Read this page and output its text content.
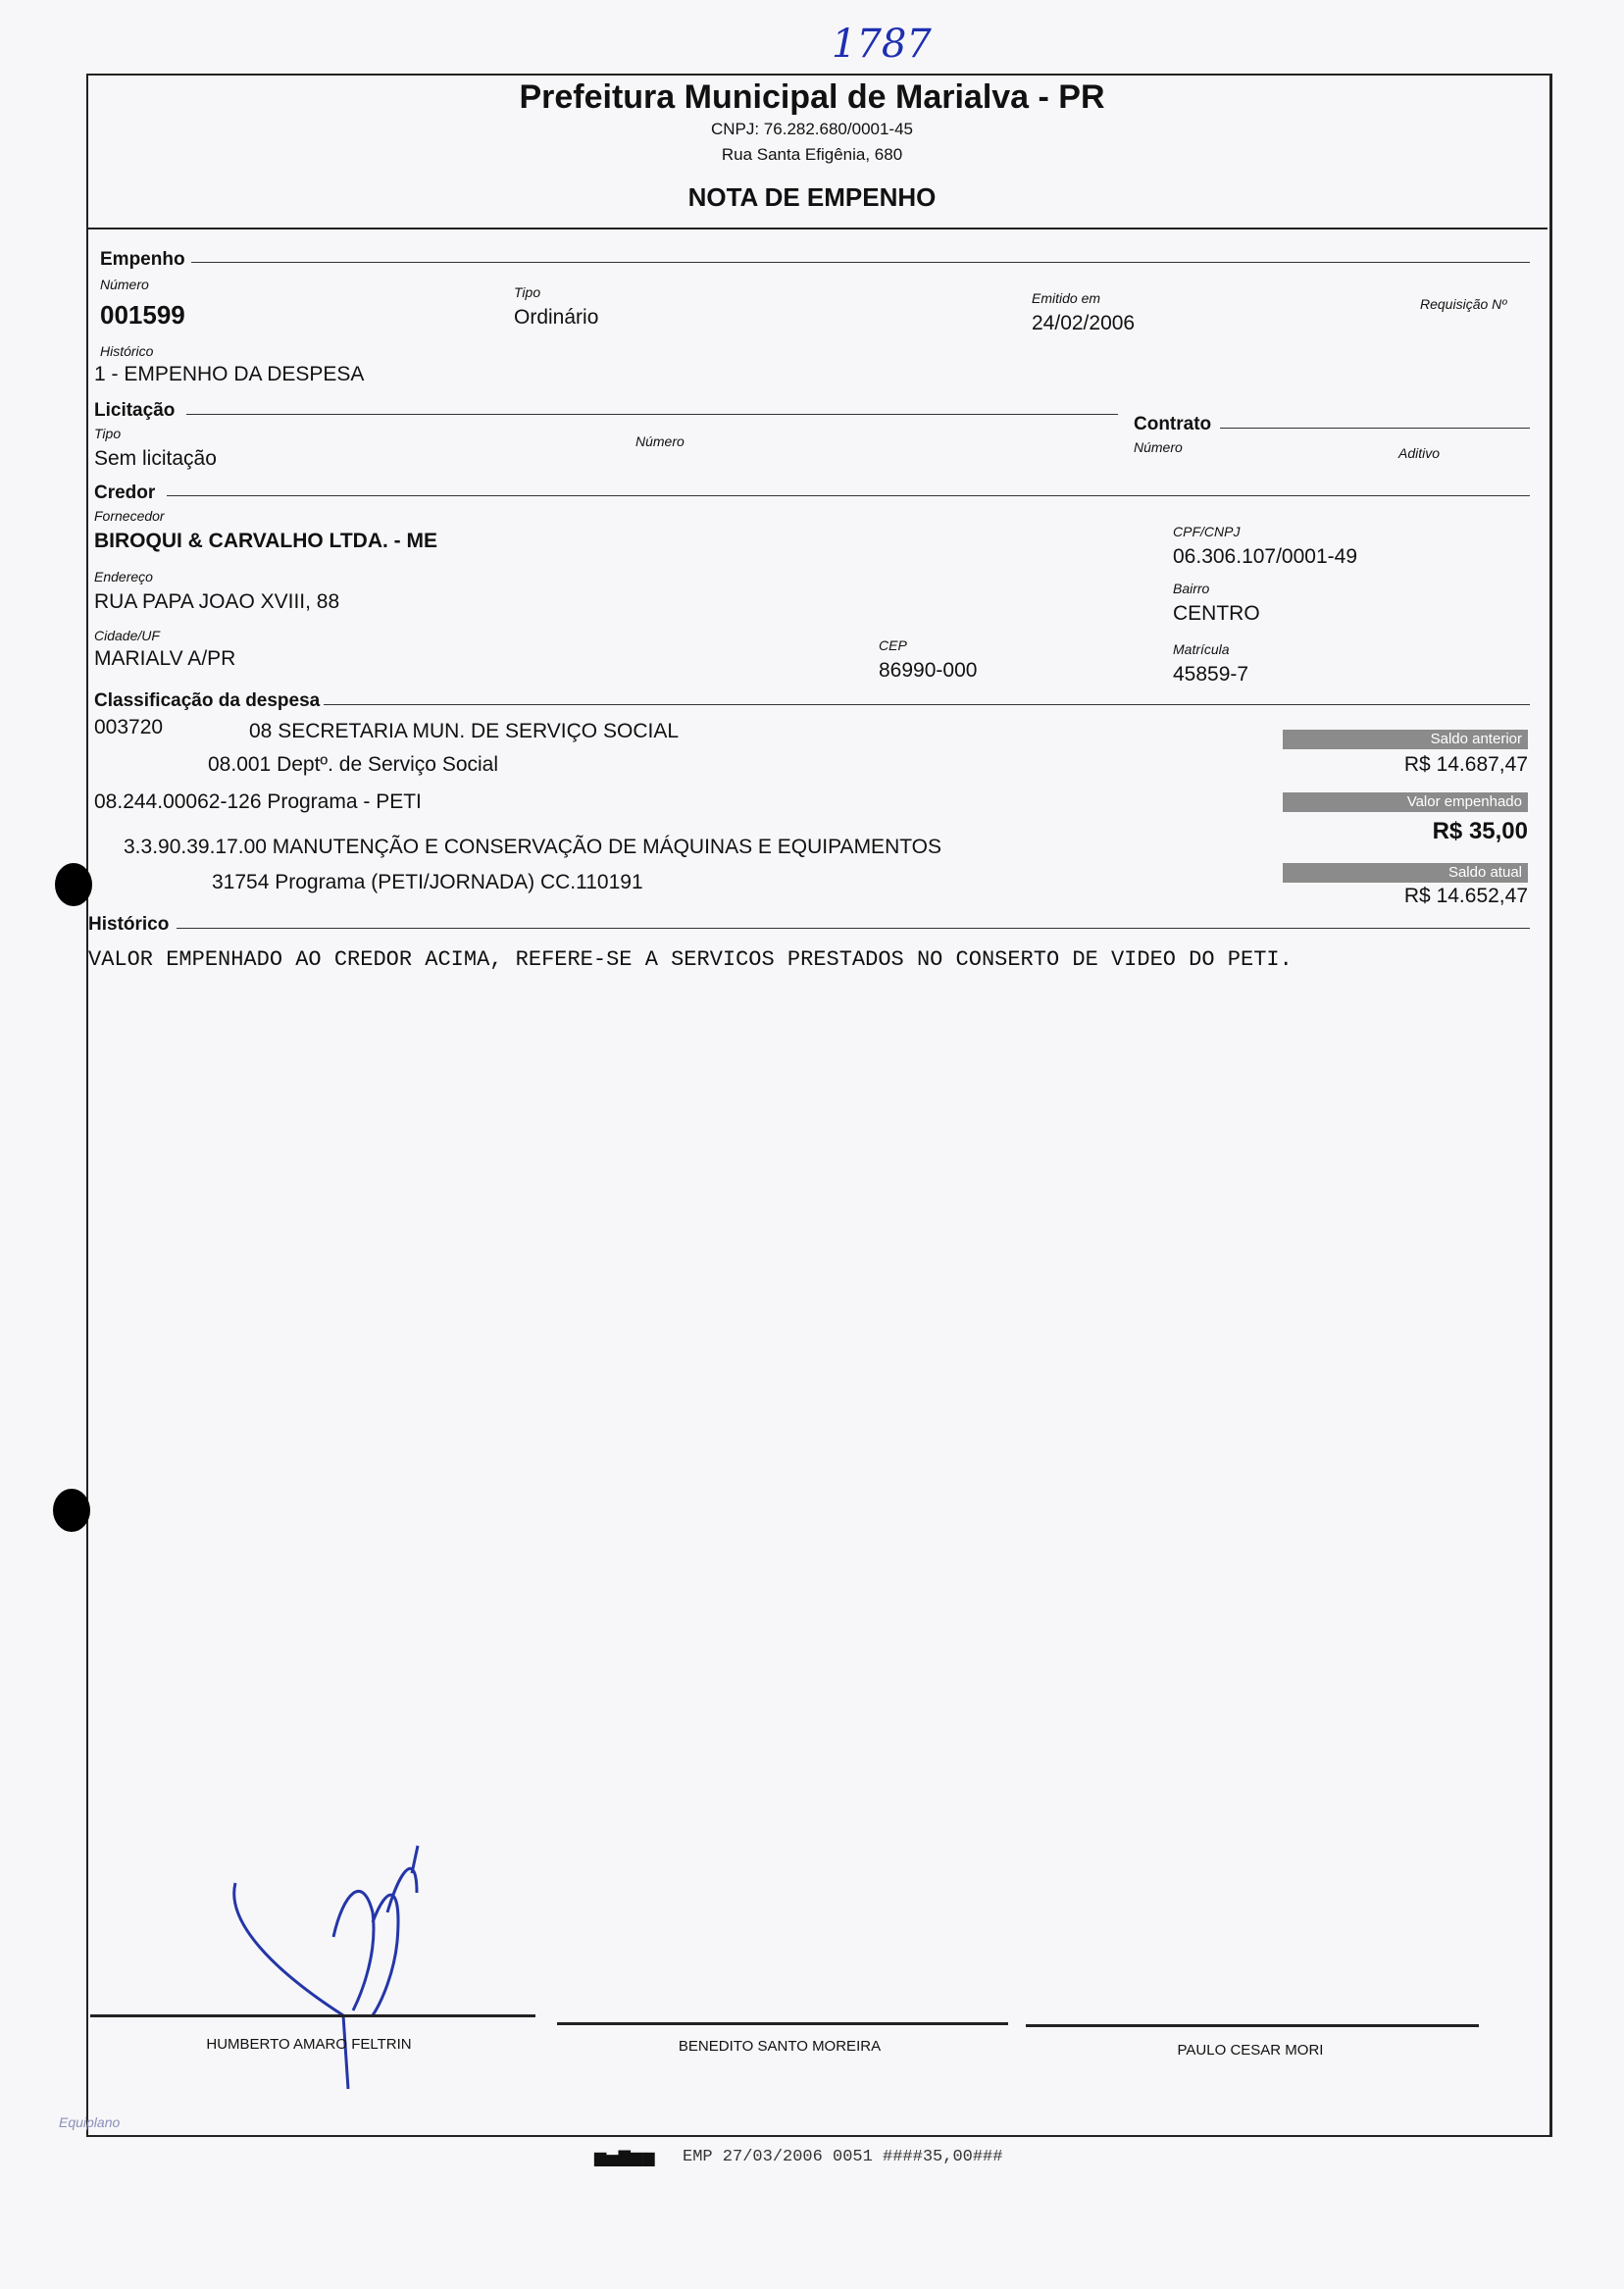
1787
Prefeitura Municipal de Marialva - PR
CNPJ: 76.282.680/0001-45
Rua Santa Efigênia, 680
NOTA DE EMPENHO
Empenho
Número
001599
Tipo
Ordinário
Emitido em
24/02/2006
Requisição Nº
Histórico
1 - EMPENHO DA DESPESA
Licitação
Tipo
Sem licitação
Número
Contrato
Número	Aditivo
Credor
Fornecedor
BIROQUI & CARVALHO LTDA. - ME	CPF/CNPJ
06.306.107/0001-49
Endereço
RUA PAPA JOAO XVIII, 88
Bairro
CENTRO
Cidade/UF
MARIALV A/PR
CEP
86990-000
Matrícula
45859-7
Classificação da despesa
003720	08 SECRETARIA MUN. DE SERVIÇO SOCIAL
08.001 Deptº. de Serviço Social
08.244.00062-126 Programa - PETI
3.3.90.39.17.00 MANUTENÇÃO E CONSERVAÇÃO DE MÁQUINAS E EQUIPAMENTOS
31754 Programa (PETI/JORNADA) CC.110191
Saldo anterior
R$ 14.687,47
Valor empenhado
R$ 35,00
Saldo atual
R$ 14.652,47
Histórico
VALOR EMPENHADO AO CREDOR ACIMA, REFERE-SE A SERVICOS PRESTADOS NO CONSERTO DE VIDEO DO PETI.
HUMBERTO AMARO FELTRIN	BENEDITO SANTO MOREIRA	PAULO CESAR MORI
Equiplano
▆▅▇▆▆ EMP 27/03/2006 0051 ####35,00###
